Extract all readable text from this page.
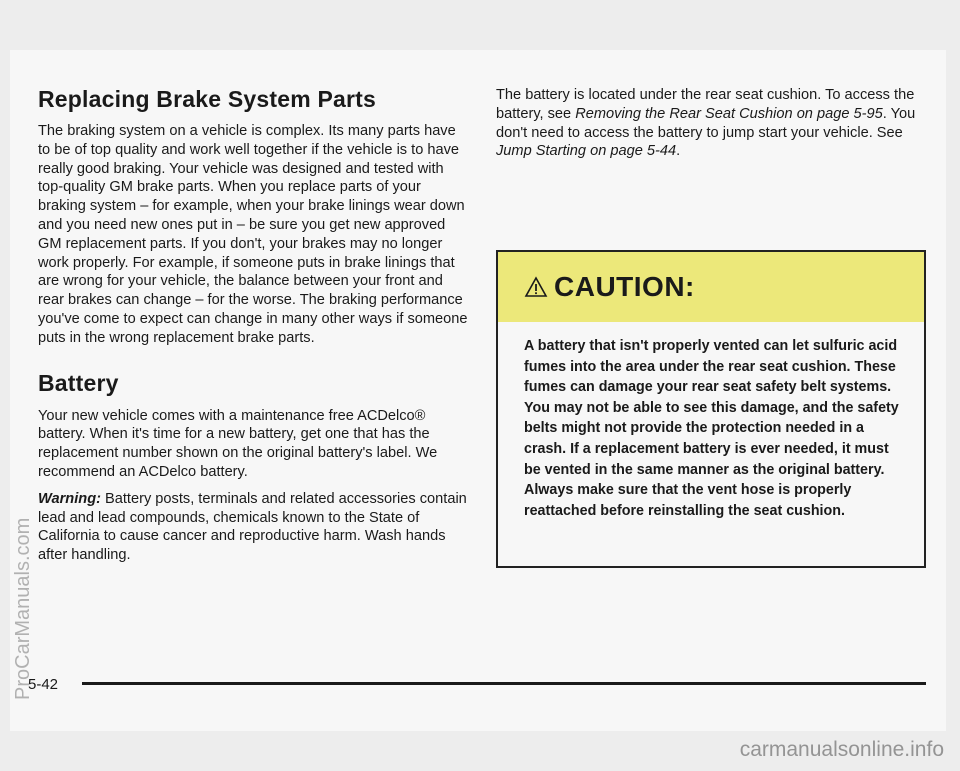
Replacing Brake System Parts

The braking system on a vehicle is complex. Its many parts have to be of top quality and work well together if the vehicle is to have really good braking. Your vehicle was designed and tested with top-quality GM brake parts. When you replace parts of your braking system – for example, when your brake linings wear down and you need new ones put in – be sure you get new approved GM replacement parts. If you don't, your brakes may no longer work properly. For example, if someone puts in brake linings that are wrong for your vehicle, the balance between your front and rear brakes can change – for the worse. The braking performance you've come to expect can change in many other ways if someone puts in the wrong replacement brake parts.

Battery

Your new vehicle comes with a maintenance free ACDelco® battery. When it's time for a new battery, get one that has the replacement number shown on the original battery's label. We recommend an ACDelco battery.

Warning: Battery posts, terminals and related accessories contain lead and lead compounds, chemicals known to the State of California to cause cancer and reproductive harm. Wash hands after handling.

The battery is located under the rear seat cushion. To access the battery, see Removing the Rear Seat Cushion on page 5-95. You don't need to access the battery to jump start your vehicle. See Jump Starting on page 5-44.

CAUTION:
A battery that isn't properly vented can let sulfuric acid fumes into the area under the rear seat cushion. These fumes can damage your rear seat safety belt systems. You may not be able to see this damage, and the safety belts might not provide the protection needed in a crash. If a replacement battery is ever needed, it must be vented in the same manner as the original battery. Always make sure that the vent hose is properly reattached before reinstalling the seat cushion.
5-42
ProCarManuals.com
carmanualsonline.info
